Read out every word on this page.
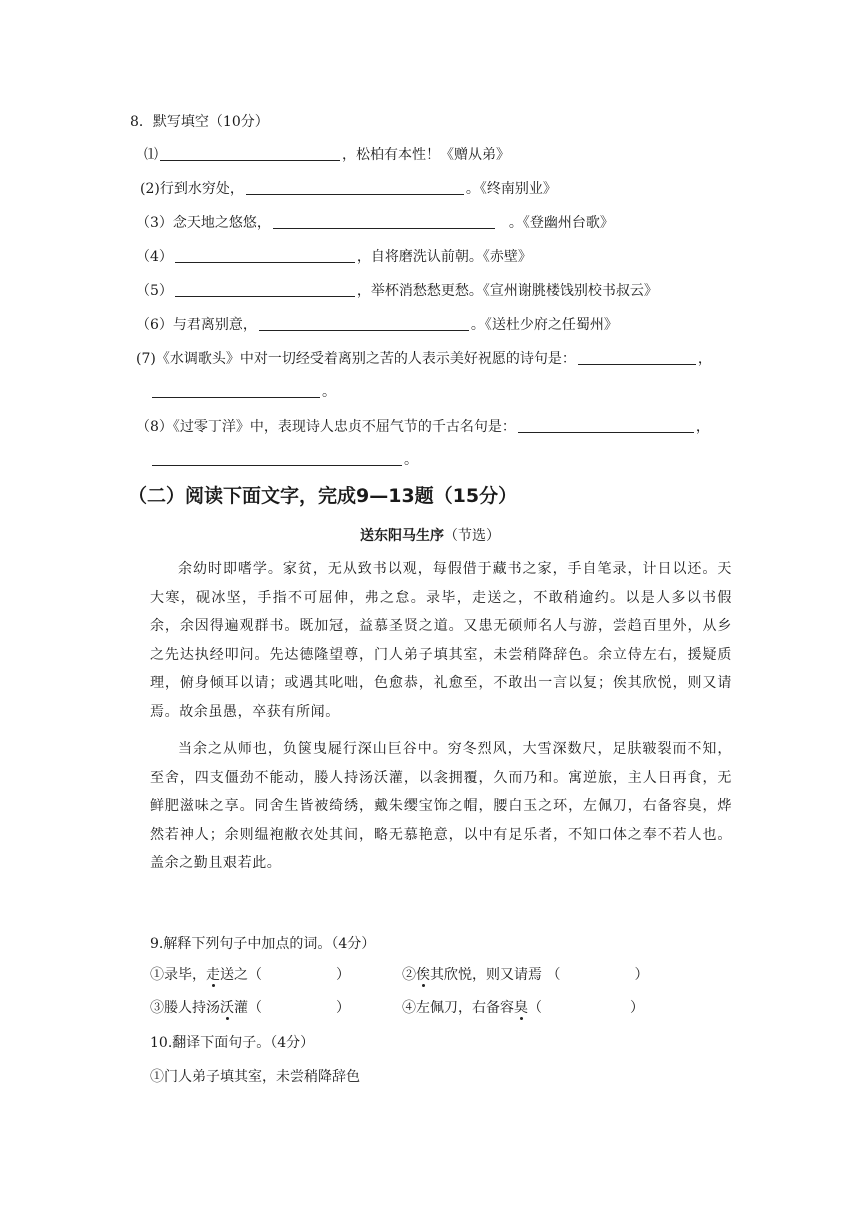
8．默写填空（10分）
⑴	，松柏有本性！《赠从弟》
(2)行到水穷处，	。《终南别业》
（3）念天地之悠悠，	。《登幽州台歌》
（4）	，自将磨洗认前朝。《赤壁》
（5）	，举杯消愁愁更愁。《宣州谢朓楼饯别校书叔云》
（6）与君离别意，	。《送杜少府之任蜀州》
(7)《水调歌头》中对一切经受着离别之苦的人表示美好祝愿的诗句是：	，
。
（8）《过零丁洋》中，表现诗人忠贞不屈气节的千古名句是：	，
。
（二）阅读下面文字，完成9—13题（15分）
送东阳马生序（节选）
余幼时即嗜学。家贫，无从致书以观，每假借于藏书之家，手自笔录，计日以还。天大寒，砚冰坚，手指不可屈伸，弗之怠。录毕，走送之，不敢稍逾约。以是人多以书假余，余因得遍观群书。既加冠，益慕圣贤之道。又患无硕师名人与游，尝趋百里外，从乡之先达执经叩问。先达德隆望尊，门人弟子填其室，未尝稍降辞色。余立侍左右，援疑质理，俯身倾耳以请；或遇其叱咄，色愈恭，礼愈至，不敢出一言以复；俟其欣悦，则又请焉。故余虽愚，卒获有所闻。
当余之从师也，负箧曳屣行深山巨谷中。穷冬烈风，大雪深数尺，足肤皲裂而不知，至舍，四支僵劲不能动，媵人持汤沃灌，以衾拥覆，久而乃和。寓逆旅，主人日再食，无鲜肥滋味之享。同舍生皆被绮绣，戴朱缨宝饰之帽，腰白玉之环，左佩刀，右备容臭，烨然若神人；余则缊袍敝衣处其间，略无慕艳意，以中有足乐者，不知口体之奉不若人也。盖余之勤且艰若此。
9.解释下列句子中加点的词。（4分）
①录毕，走送之（	）	②俟其欣悦，则又请焉 （	）
③媵人持汤沃灌（	）	④左佩刀，右备容臭（	）
10.翻译下面句子。（4分）
①门人弟子填其室，未尝稍降辞色
